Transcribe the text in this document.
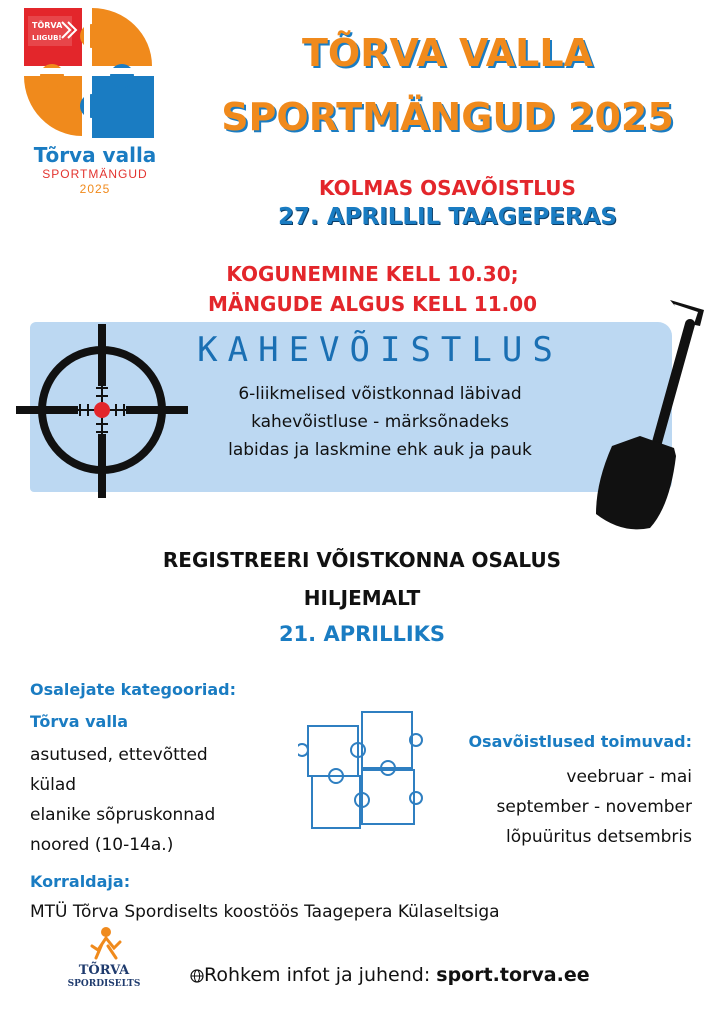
TÕRVA
LIIGUB!
Tõrva valla
SPORTMÄNGUD
2025
TÕRVA VALLA
SPORTMÄNGUD 2025
KOLMAS OSAVÕISTLUS
27. APRILLIL TAAGEPERAS
KOGUNEMINE KELL 10.30;
MÄNGUDE ALGUS KELL 11.00
KAHEVÕISTLUS
6-liikmelised võistkonnad läbivad
kahevõistluse - märksõnadeks
labidas ja laskmine ehk auk ja pauk
REGISTREERI VÕISTKONNA OSALUS
HILJEMALT
21. APRILLIKS
Osalejate kategooriad:
Tõrva valla
asutused, ettevõtted
külad
elanike sõpruskonnad
noored (10-14a.)
Osavõistlused toimuvad:
veebruar - mai
september - november
lõpuüritus detsembris
Korraldaja:
MTÜ Tõrva Spordiselts koostöös Taagepera Külaseltsiga
TÕRVA
SPORDISELTS	Rohkem infot ja juhend: sport.torva.ee
